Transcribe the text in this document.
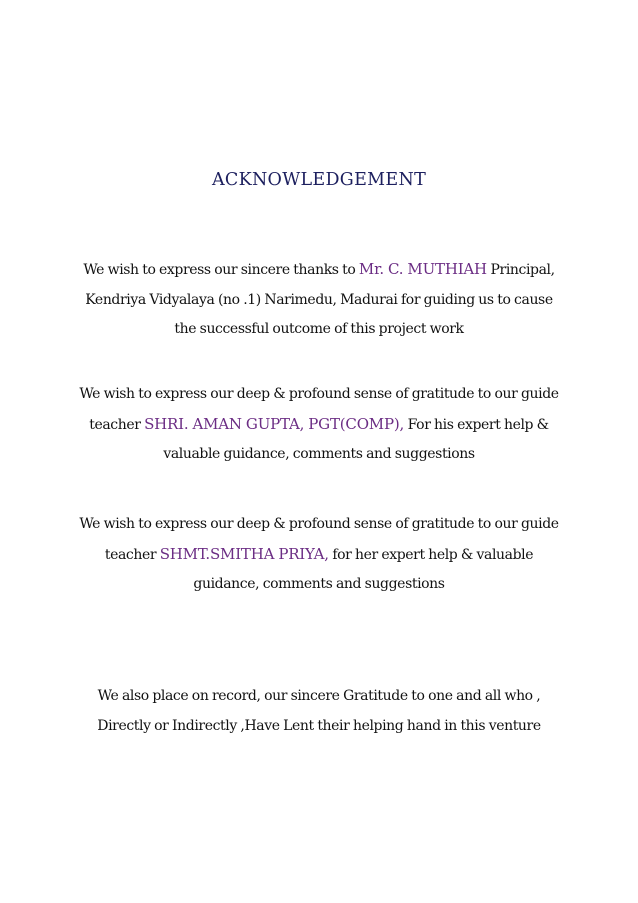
ACKNOWLEDGEMENT

We wish to express our sincere thanks to Mr. C. MUTHIAH Principal,
Kendriya Vidyalaya (no .1) Narimedu, Madurai for guiding us to cause
the successful outcome of this project work

We wish to express our deep & profound sense of gratitude to our guide
teacher SHRI. AMAN GUPTA, PGT(COMP), For his expert help &
valuable guidance, comments and suggestions

We wish to express our deep & profound sense of gratitude to our guide
teacher SHMT.SMITHA PRIYA, for her expert help & valuable
guidance, comments and suggestions

We also place on record, our sincere Gratitude to one and all who ,
Directly or Indirectly ,Have Lent their helping hand in this venture
